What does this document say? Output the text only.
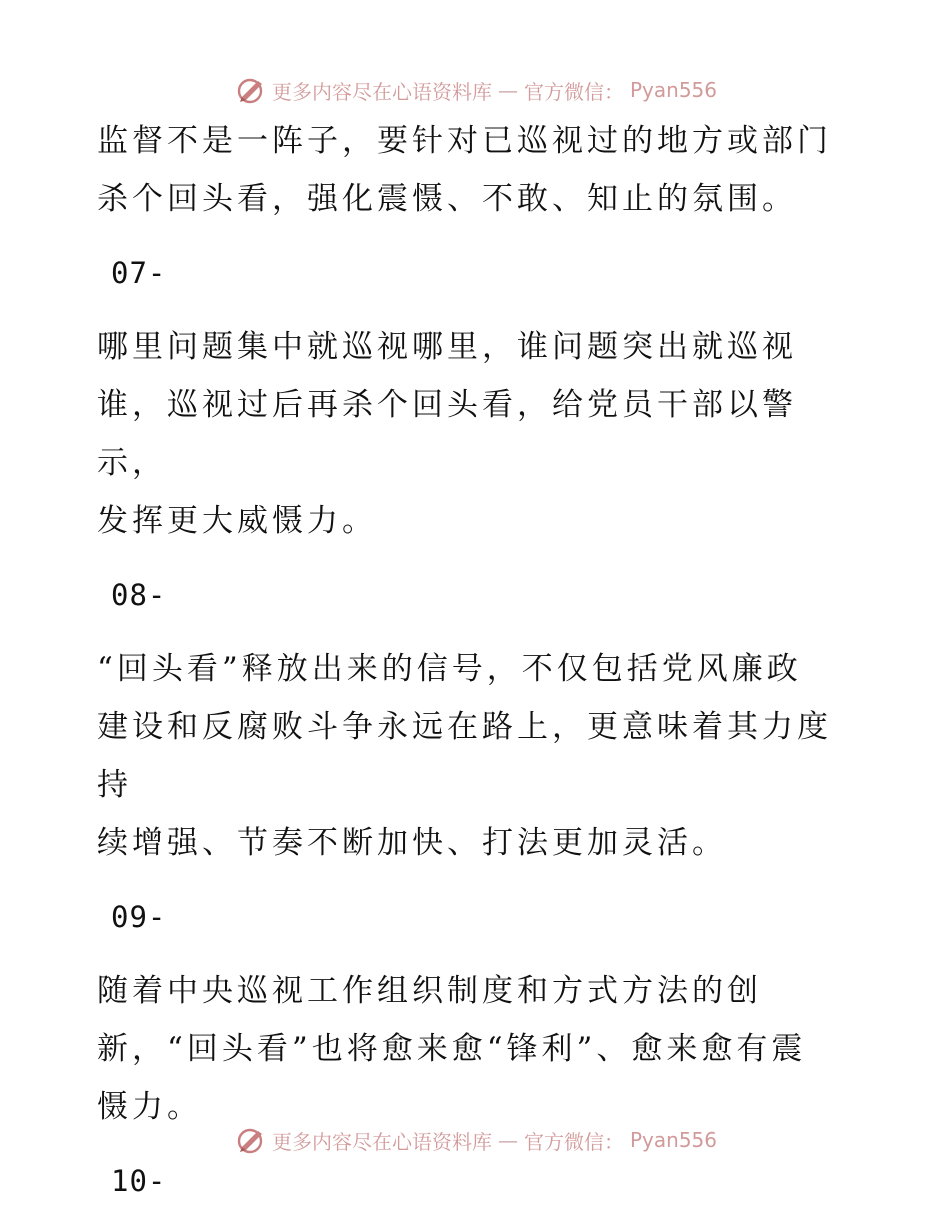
更多内容尽在心语资料库 — 官方微信： Pyan556

监督不是一阵子，要针对已巡视过的地方或部门
杀个回头看，强化震慑、不敢、知止的氛围。

07-

哪里问题集中就巡视哪里，谁问题突出就巡视
谁，巡视过后再杀个回头看，给党员干部以警示，
发挥更大威慑力。

08-

“回头看”释放出来的信号，不仅包括党风廉政
建设和反腐败斗争永远在路上，更意味着其力度持
续增强、节奏不断加快、打法更加灵活。

09-

随着中央巡视工作组织制度和方式方法的创
新，“回头看”也将愈来愈“锋利”、愈来愈有震
慑力。

10-

更多内容尽在心语资料库 — 官方微信： Pyan556
